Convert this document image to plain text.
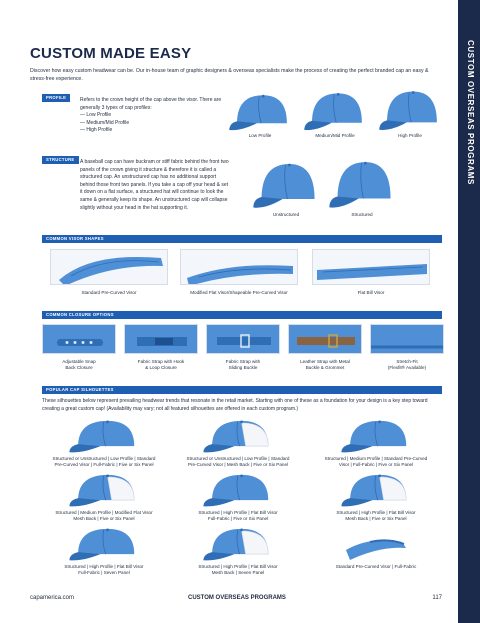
CUSTOM OVERSEAS PROGRAMS
CUSTOM MADE EASY
Discover how easy custom headwear can be. Our in-house team of graphic designers & overseas specialists make the process of creating the perfect branded cap an easy & stress-free experience.
PROFILE	Refers to the crown height of the cap above the visor. There are generally 3 types of cap profiles:
— Low Profile
— Medium/Mid Profile
— High Profile
Low Profile	Medium/Mid Profile	High Profile
STRUCTURE	A baseball cap can have buckram or stiff fabric behind the front two panels of the crown giving it structure & therefore it is called a structured cap. An unstructured cap has no additional support behind those front two panels. If you take a cap off your head & set it down on a flat surface, a structured hat will continue to look the same & generally keep its shape. An unstructured cap will collapse slightly without your head in the hat supporting it.
Unstructured	Structured
COMMON VISOR SHAPES
Standard Pre-Curved Visor	Modified Flat Visor/Shapeable Pre-Curved Visor	Flat Bill Visor
COMMON CLOSURE OPTIONS
Adjustable Snap
Back Closure
Fabric Strap with Hook
& Loop Closure
Fabric Strap with
Sliding Buckle
Leather Strap with Metal
Buckle & Grommet
Stretch-Fit
(Flexfit® Available)
POPULAR CAP SILHOUETTES
These silhouettes below represent prevailing headwear trends that resonate in the retail market. Starting with one of these as a foundation for your design is a key step toward creating a great custom cap! (Availability may vary; not all featured silhouettes are offered in each custom program.)
Structured or Unstructured | Low Profile | Standard
Pre-Curved Visor | Full-Fabric | Five or Six Panel
Structured or Unstructured | Low Profile | Standard
Pre-Curved Visor | Mesh Back | Five or Six Panel
Structured | Medium Profile | Standard Pre-Curved
Visor | Full-Fabric | Five or Six Panel
Structured | Medium Profile | Modified Flat Visor
Mesh Back | Five or Six Panel
Structured | High Profile | Flat Bill Visor
Full-Fabric | Five or Six Panel
Structured | High Profile | Flat Bill Visor
Mesh Back | Five or Six Panel
Structured | High Profile | Flat Bill Visor
Full-Fabric | Seven Panel
Structured | High Profile | Flat Bill Visor
Mesh Back | Seven Panel
Standard Pre-Curved Visor | Full-Fabric
capamerica.com	CUSTOM OVERSEAS PROGRAMS	117
